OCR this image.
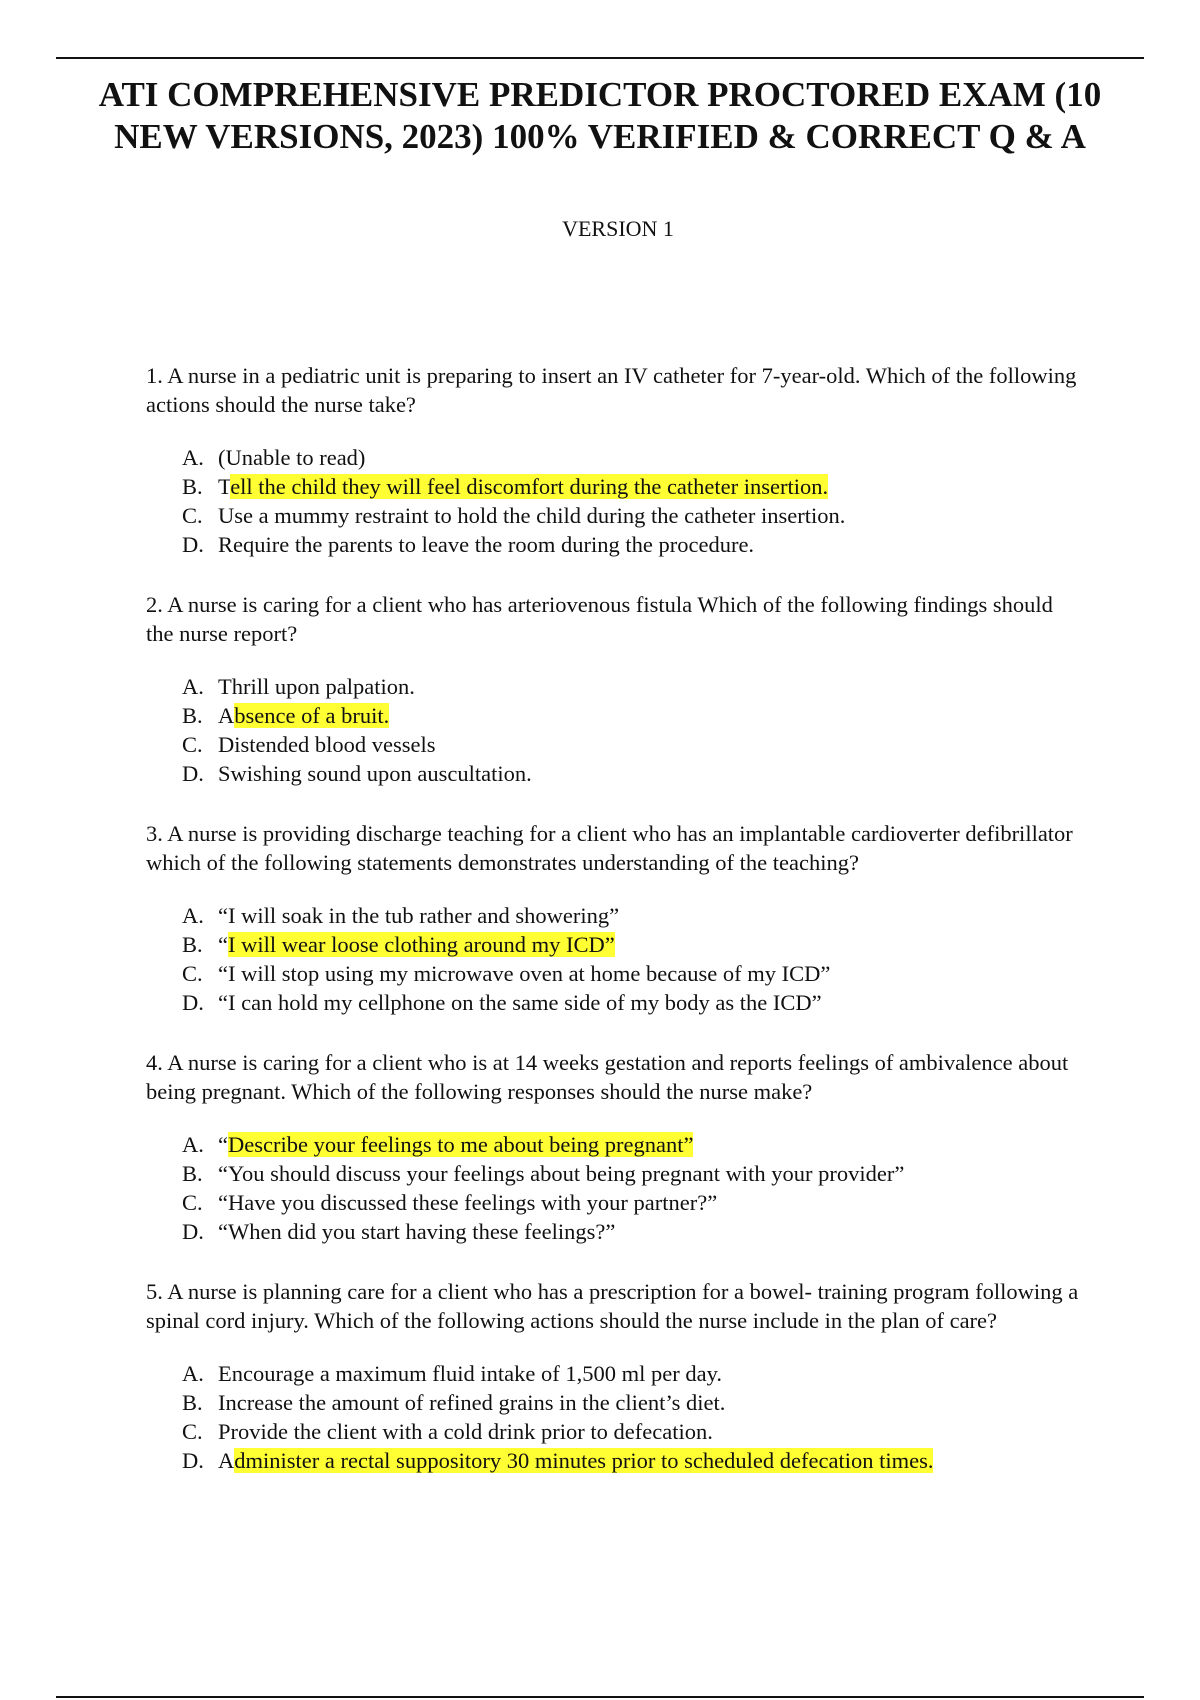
ATI COMPREHENSIVE PREDICTOR PROCTORED EXAM (10 NEW VERSIONS, 2023) 100% VERIFIED & CORRECT Q & A
VERSION 1

1. A nurse in a pediatric unit is preparing to insert an IV catheter for 7-year-old. Which of the following actions should the nurse take?

A. (Unable to read)
B. Tell the child they will feel discomfort during the catheter insertion.
C. Use a mummy restraint to hold the child during the catheter insertion.
D. Require the parents to leave the room during the procedure.

2. A nurse is caring for a client who has arteriovenous fistula Which of the following findings should the nurse report?

A. Thrill upon palpation.
B. Absence of a bruit.
C. Distended blood vessels
D. Swishing sound upon auscultation.

3. A nurse is providing discharge teaching for a client who has an implantable cardioverter defibrillator which of the following statements demonstrates understanding of the teaching?

A. “I will soak in the tub rather and showering”
B. “I will wear loose clothing around my ICD”
C. “I will stop using my microwave oven at home because of my ICD”
D. “I can hold my cellphone on the same side of my body as the ICD”

4. A nurse is caring for a client who is at 14 weeks gestation and reports feelings of ambivalence about being pregnant. Which of the following responses should the nurse make?

A. “Describe your feelings to me about being pregnant”
B. “You should discuss your feelings about being pregnant with your provider”
C. “Have you discussed these feelings with your partner?”
D. “When did you start having these feelings?”

5. A nurse is planning care for a client who has a prescription for a bowel- training program following a spinal cord injury. Which of the following actions should the nurse include in the plan of care?

A. Encourage a maximum fluid intake of 1,500 ml per day.
B. Increase the amount of refined grains in the client’s diet.
C. Provide the client with a cold drink prior to defecation.
D. Administer a rectal suppository 30 minutes prior to scheduled defecation times.
